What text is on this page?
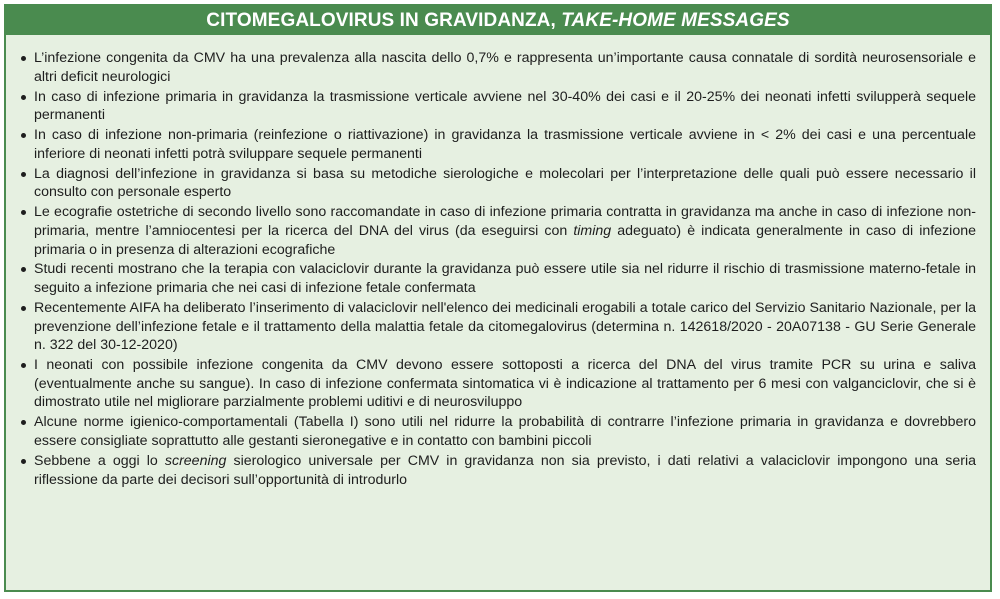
CITOMEGALOVIRUS IN GRAVIDANZA, TAKE-HOME MESSAGES
L’infezione congenita da CMV ha una prevalenza alla nascita dello 0,7% e rappresenta un’importante causa connatale di sordità neurosensoriale e altri deficit neurologici
In caso di infezione primaria in gravidanza la trasmissione verticale avviene nel 30-40% dei casi e il 20-25% dei neonati infetti svilupperà sequele permanenti
In caso di infezione non-primaria (reinfezione o riattivazione) in gravidanza la trasmissione verticale avviene in < 2% dei casi e una percentuale inferiore di neonati infetti potrà sviluppare sequele permanenti
La diagnosi dell’infezione in gravidanza si basa su metodiche sierologiche e molecolari per l’interpretazione delle quali può essere necessario il consulto con personale esperto
Le ecografie ostetriche di secondo livello sono raccomandate in caso di infezione primaria contratta in gravidanza ma anche in caso di infezione non-primaria, mentre l’amniocentesi per la ricerca del DNA del virus (da eseguirsi con timing adeguato) è indicata generalmente in caso di infezione primaria o in presenza di alterazioni ecografiche
Studi recenti mostrano che la terapia con valaciclovir durante la gravidanza può essere utile sia nel ridurre il rischio di trasmissione materno-fetale in seguito a infezione primaria che nei casi di infezione fetale confermata
Recentemente AIFA ha deliberato l’inserimento di valaciclovir nell'elenco dei medicinali erogabili a totale carico del Servizio Sanitario Nazionale, per la prevenzione dell’infezione fetale e il trattamento della malattia fetale da citomegalovirus (determina n. 142618/2020 - 20A07138 - GU Serie Generale n. 322 del 30-12-2020)
I neonati con possibile infezione congenita da CMV devono essere sottoposti a ricerca del DNA del virus tramite PCR su urina e saliva (eventualmente anche su sangue). In caso di infezione confermata sintomatica vi è indicazione al trattamento per 6 mesi con valganciclovir, che si è dimostrato utile nel migliorare parzialmente problemi uditivi e di neurosviluppo
Alcune norme igienico-comportamentali (Tabella I) sono utili nel ridurre la probabilità di contrarre l’infezione primaria in gravidanza e dovrebbero essere consigliate soprattutto alle gestanti sieronegative e in contatto con bambini piccoli
Sebbene a oggi lo screening sierologico universale per CMV in gravidanza non sia previsto, i dati relativi a valaciclovir impongono una seria riflessione da parte dei decisori sull’opportunità di introdurlo
